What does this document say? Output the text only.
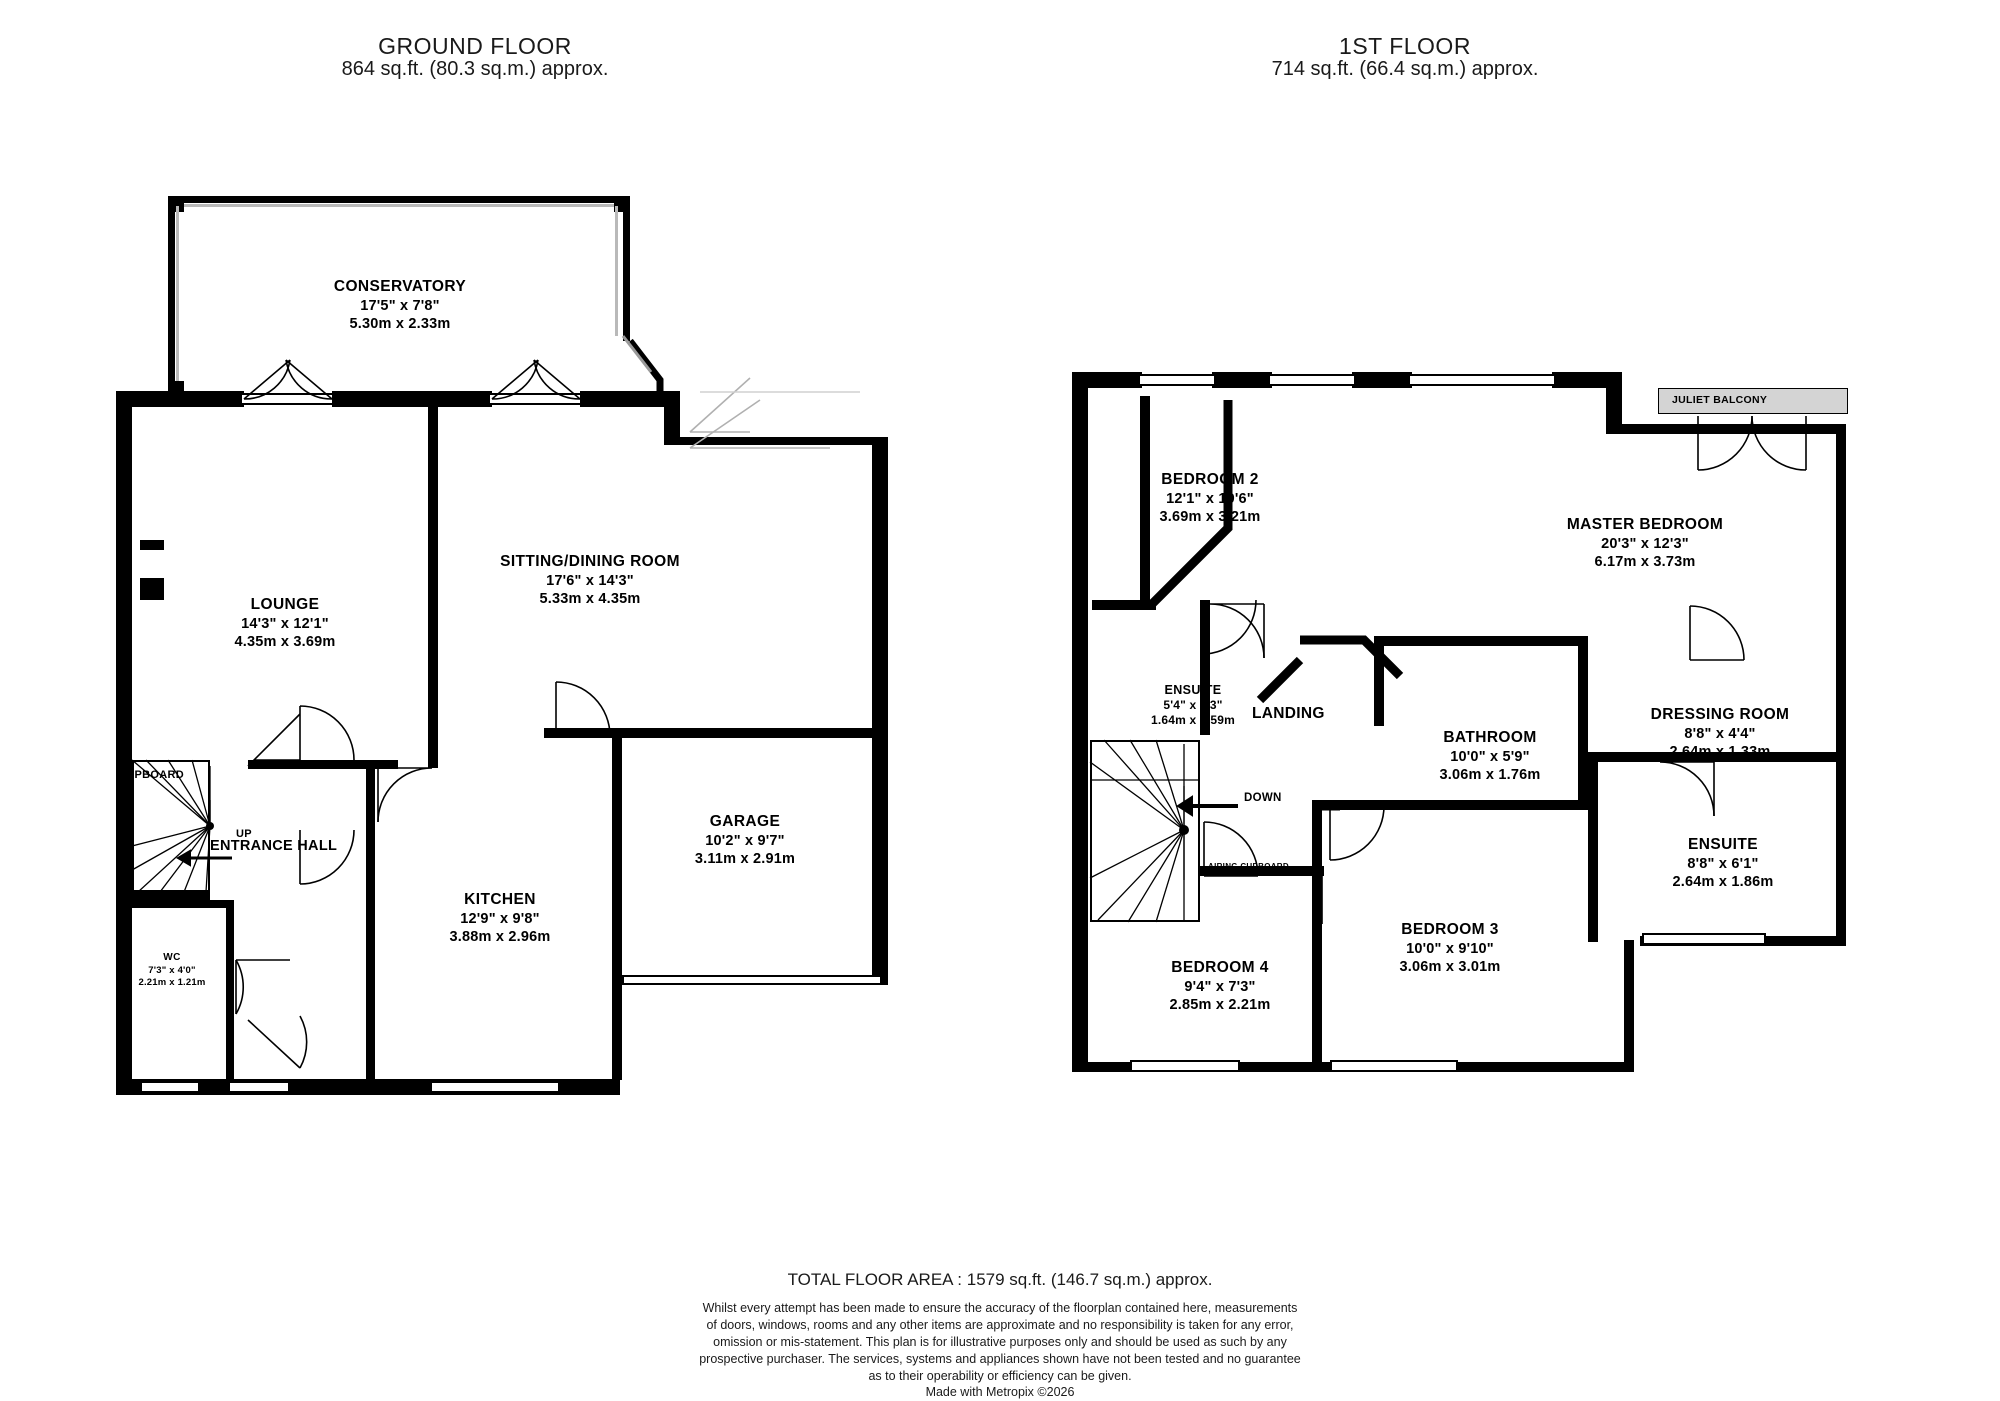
GROUND FLOOR
864 sq.ft. (80.3 sq.m.) approx.
1ST FLOOR
714 sq.ft. (66.4 sq.m.) approx.
CONSERVATORY
17'5" x 7'8"
5.30m x 2.33m
LOUNGE
14'3" x 12'1"
4.35m x 3.69m
SITTING/DINING ROOM
17'6" x 14'3"
5.33m x 4.35m
GARAGE
10'2" x 9'7"
3.11m x 2.91m
KITCHEN
12'9" x 9'8"
3.88m x 2.96m
WC
7'3" x 4'0"
2.21m x 1.21m
CUPBOARD
ENTRANCE HALL
UP
JULIET BALCONY
BEDROOM 2
12'1" x 10'6"
3.69m x 3.21m	MASTER BEDROOM
20'3" x 12'3"
6.17m x 3.73m
ENSUITE
5'4" x 5'3"
1.64m x 1.59m
BATHROOM
10'0" x 5'9"
3.06m x 1.76m
DRESSING ROOM
8'8" x 4'4"
2.64m x 1.33m
ENSUITE
8'8" x 6'1"
2.64m x 1.86m
BEDROOM 3
10'0" x 9'10"
3.06m x 3.01m
BEDROOM 4
9'4" x 7'3"
2.85m x 2.21m
LANDING
DOWN
AIRING CUPBOARD
TOTAL FLOOR AREA : 1579 sq.ft. (146.7 sq.m.) approx.
Whilst every attempt has been made to ensure the accuracy of the floorplan contained here, measurements
of doors, windows, rooms and any other items are approximate and no responsibility is taken for any error,
omission or mis-statement. This plan is for illustrative purposes only and should be used as such by any
prospective purchaser. The services, systems and appliances shown have not been tested and no guarantee
as to their operability or efficiency can be given.
Made with Metropix ©2026
